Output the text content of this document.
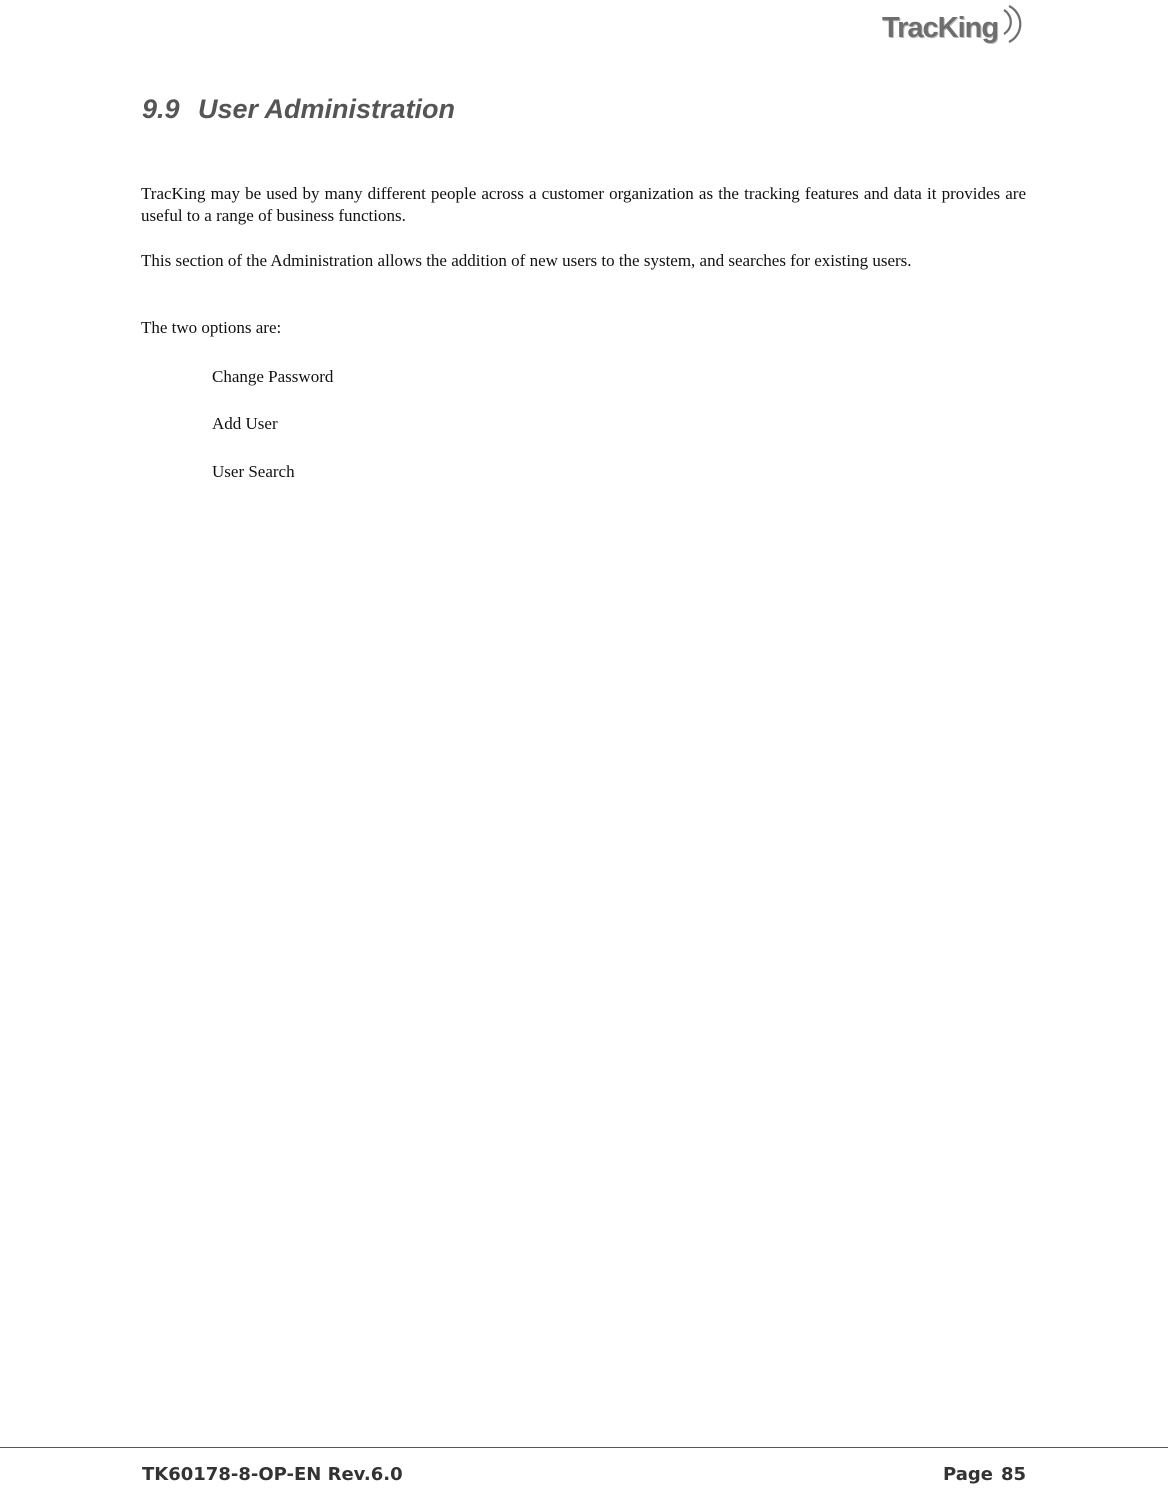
TracKing
9.9 User Administration

TracKing may be used by many different people across a customer organization as the tracking features and data it provides are useful to a range of business functions.

This section of the Administration allows the addition of new users to the system, and searches for existing users.

The two options are:

Change Password

Add User

User Search

TK60178-8-OP-EN Rev.6.0	Page 85
